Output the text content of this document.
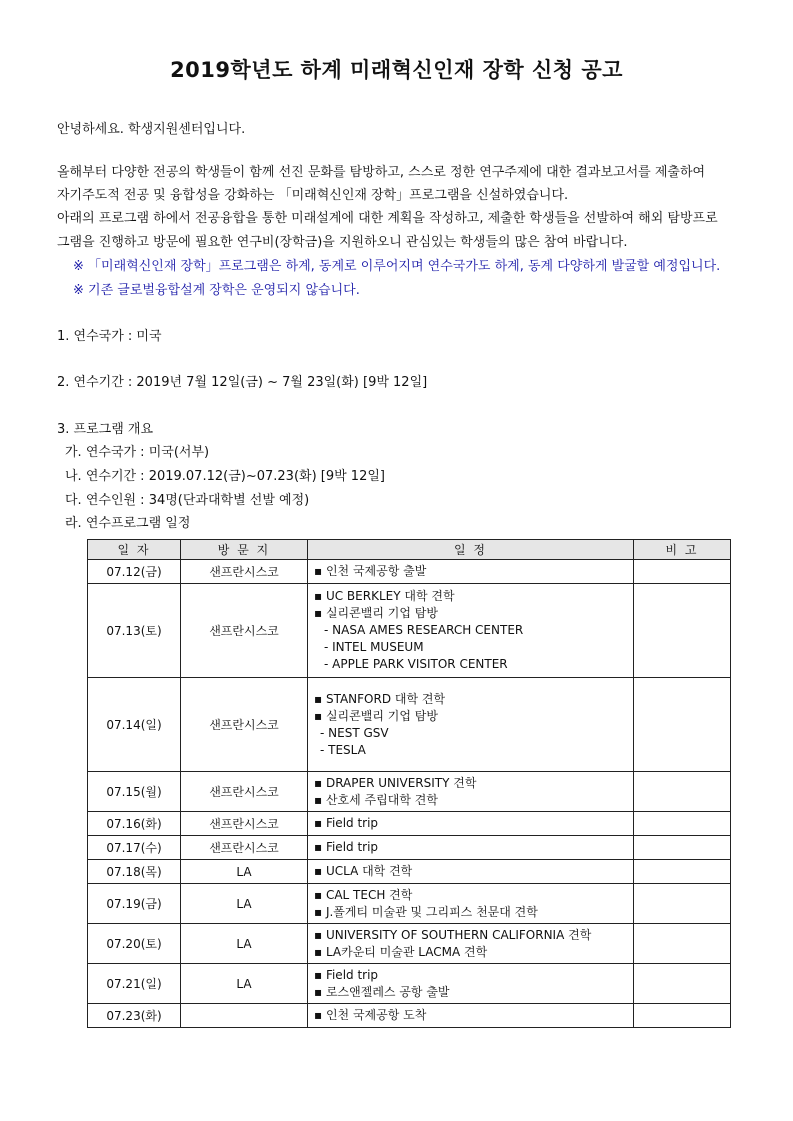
2019학년도 하계 미래혁신인재 장학 신청 공고
안녕하세요. 학생지원센터입니다.
올해부터 다양한 전공의 학생들이 함께 선진 문화를 탐방하고, 스스로 정한 연구주제에 대한 결과보고서를 제출하여
자기주도적 전공 및 융합성을 강화하는 「미래혁신인재 장학」프로그램을 신설하였습니다.
아래의 프로그램 하에서 전공융합을 통한 미래설계에 대한 계획을 작성하고, 제출한 학생들을 선발하여 해외 탐방프로
그램을 진행하고 방문에 필요한 연구비(장학금)을 지원하오니 관심있는 학생들의 많은 참여 바랍니다.
※ 「미래혁신인재 장학」프로그램은 하계, 동계로 이루어지며 연수국가도 하계, 동계 다양하게 발굴할 예정입니다.
※ 기존 글로벌융합설계 장학은 운영되지 않습니다.
1. 연수국가 : 미국
2. 연수기간 : 2019년 7월 12일(금) ~ 7월 23일(화) [9박 12일]
3. 프로그램 개요
가. 연수국가 : 미국(서부)
나. 연수기간 : 2019.07.12(금)~07.23(화) [9박 12일]
다. 연수인원 : 34명(단과대학별 선발 예정)
라. 연수프로그램 일정
일 자	방 문 지	일 정	비 고
07.12(금)	샌프란시스코	▪ 인천 국제공항 출발	

07.13(토)	샌프란시스코	▪ UC BERKLEY 대학 견학
▪ 실리콘밸리 기업 탐방
- NASA AMES RESEARCH CENTER
- INTEL MUSEUM
- APPLE PARK VISITOR CENTER	

07.14(일)	샌프란시스코	▪ STANFORD 대학 견학
▪ 실리콘밸리 기업 탐방
- NEST GSV
- TESLA	

07.15(월)	샌프란시스코	▪ DRAPER UNIVERSITY 견학
▪ 산호세 주립대학 견학	

07.16(화)	샌프란시스코	▪ Field trip	

07.17(수)	샌프란시스코	▪ Field trip	

07.18(목)	LA	▪ UCLA 대학 견학	

07.19(금)	LA	▪ CAL TECH 견학
▪ J.폴게티 미술관 및 그리피스 천문대 견학	

07.20(토)	LA	▪ UNIVERSITY OF SOUTHERN CALIFORNIA 견학
▪ LA카운티 미술관 LACMA 견학	

07.21(일)	LA	▪ Field trip
▪ 로스앤젤레스 공항 출발	

07.23(화)		▪ 인천 국제공항 도착	
